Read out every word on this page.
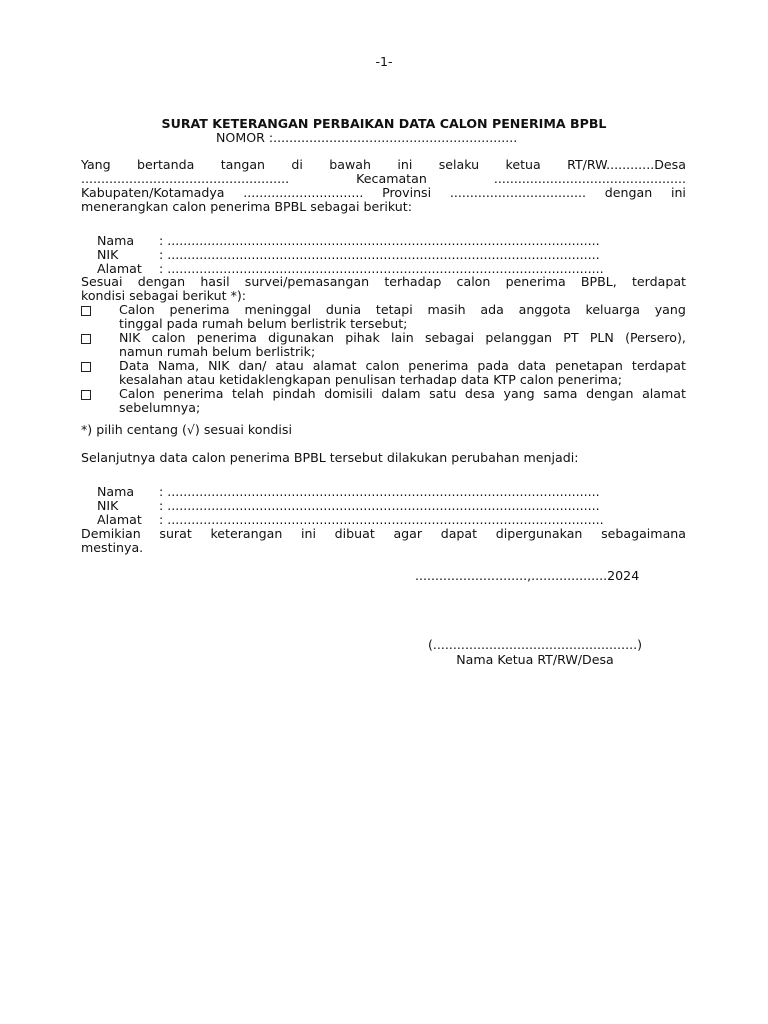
-1-
SURAT KETERANGAN PERBAIKAN DATA CALON PENERIMA BPBL
NOMOR :.............................................................
Yang bertanda tangan di bawah ini selaku ketua RT/RW............Desa
....................................................	Kecamatan	................................................
Kabupaten/Kotamadya .............................. Provinsi .................................. dengan ini
menerangkan calon penerima BPBL sebagai berikut:

Nama : ............................................................................................................

NIK	: ............................................................................................................

Alamat : .............................................................................................................

Sesuai dengan hasil survei/pemasangan terhadap calon penerima BPBL, terdapat
kondisi sebagai berikut *):
Calon penerima meninggal dunia tetapi masih ada anggota keluarga yang
tinggal pada rumah belum berlistrik tersebut;
NIK calon penerima digunakan pihak lain sebagai pelanggan PT PLN (Persero),
namun rumah belum berlistrik;
Data Nama, NIK dan/ atau alamat calon penerima pada data penetapan terdapat
kesalahan atau ketidaklengkapan penulisan terhadap data KTP calon penerima;
Calon penerima telah pindah domisili dalam satu desa yang sama dengan alamat
sebelumnya;
*) pilih centang (√) sesuai kondisi
Selanjutnya data calon penerima BPBL tersebut dilakukan perubahan menjadi:

Nama : ............................................................................................................

NIK	: ............................................................................................................

Alamat : .............................................................................................................

Demikian surat keterangan ini dibuat agar dapat dipergunakan sebagaimana
mestinya.
............................,...................2024
(...................................................)
Nama Ketua RT/RW/Desa
